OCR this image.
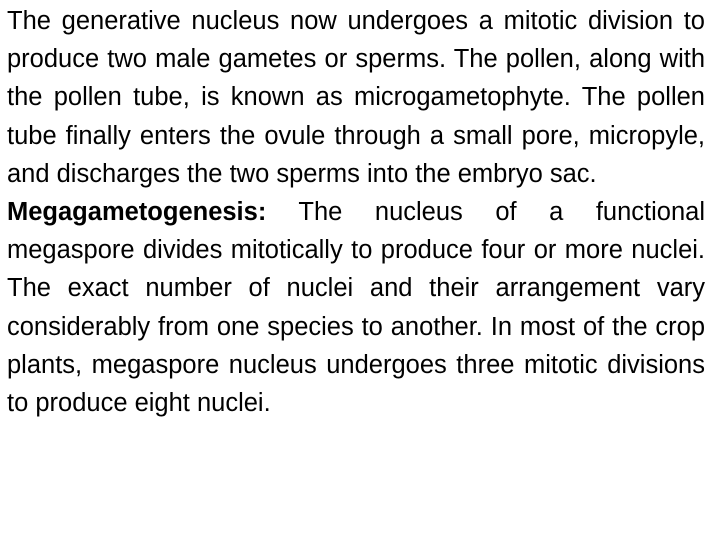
The generative nucleus now undergoes a mitotic division to produce two male gametes or sperms. The pollen, along with the pollen tube, is known as microgametophyte. The pollen tube finally enters the ovule through a small pore, micropyle, and discharges the two sperms into the embryo sac.

Megagametogenesis: The nucleus of a functional megaspore divides mitotically to produce four or more nuclei. The exact number of nuclei and their arrangement vary considerably from one species to another. In most of the crop plants, megaspore nucleus undergoes three mitotic divisions to produce eight nuclei.
